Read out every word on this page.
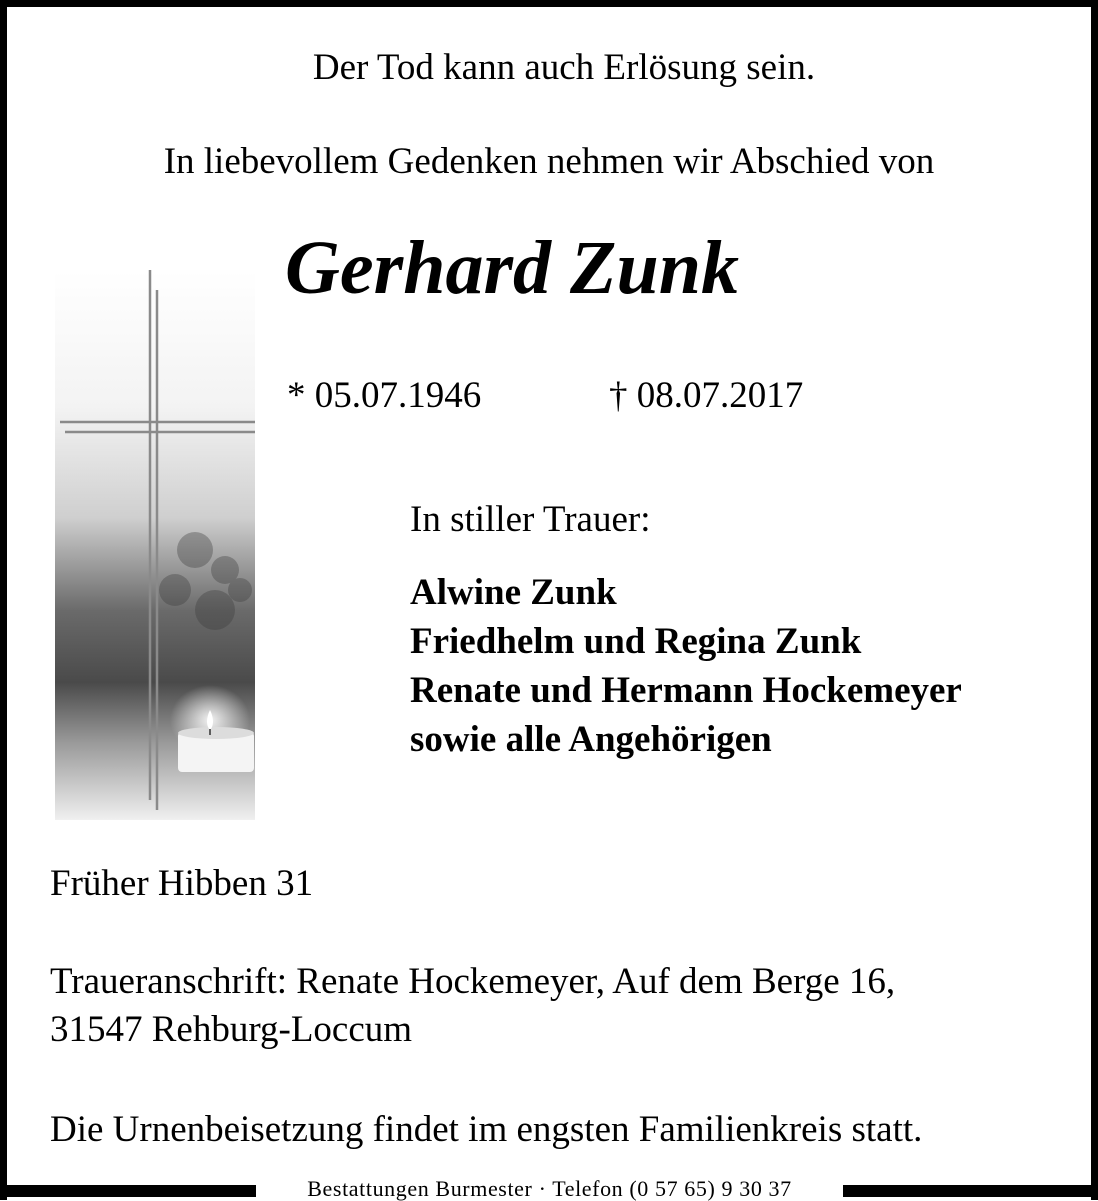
Der Tod kann auch Erlösung sein.
In liebevollem Gedenken nehmen wir Abschied von
Gerhard Zunk
* 05.07.1946	† 08.07.2017
In stiller Trauer:
Alwine Zunk
Friedhelm und Regina Zunk
Renate und Hermann Hockemeyer
sowie alle Angehörigen
Früher Hibben 31
Traueranschrift: Renate Hockemeyer, Auf dem Berge 16,
31547 Rehburg-Loccum
Die Urnenbeisetzung findet im engsten Familienkreis statt.
Bestattungen Burmester · Telefon (0 57 65) 9 30 37
